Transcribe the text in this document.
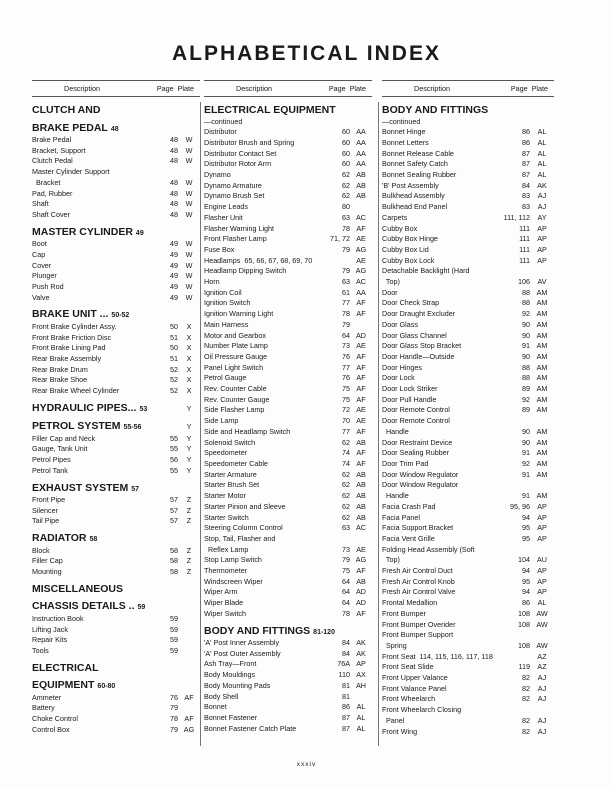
ALPHABETICAL INDEX
Description	Page Plate
CLUTCH AND
BRAKE PEDAL 48
Brake Pedal	48	W
Bracket, Support	48	W
Clutch Pedal	48	W
Master Cylinder Support
Bracket	48	W
Pad, Rubber	48	W
Shaft	48	W
Shaft Cover	48	W
MASTER CYLINDER 49
Boot	49	W
Cap	49	W
Cover	49	W
Plunger	49	W
Push Rod	49	W
Valve	49	W
BRAKE UNIT ... 50-52
Front Brake Cylinder Assy.	50	X
Front Brake Friction Disc	51	X
Front Brake Lining Pad	50	X
Rear Brake Assembly	51	X
Rear Brake Drum	52	X
Rear Brake Shoe	52	X
Rear Brake Wheel Cylinder	52	X
HYDRAULIC PIPES... 53	Y
PETROL SYSTEM 55-56	Y
Filler Cap and Neck	55	Y
Gauge, Tank Unit	55	Y
Petrol Pipes	56	Y
Petrol Tank	55	Y
EXHAUST SYSTEM 57
Front Pipe	57	Z
Silencer	57	Z
Tail Pipe	57	Z
RADIATOR 58
Block	58	Z
Filler Cap	58	Z
Mounting	58	Z
MISCELLANEOUS
CHASSIS DETAILS .. 59
Instruction Book	59
Lifting Jack	59
Repair Kits	59
Tools	59
ELECTRICAL
EQUIPMENT 60-80
Ammeter	76 AF
Battery	79
Choke Control	78 AF
Control Box	79 AG
Description	Page Plate
ELECTRICAL EQUIPMENT
—continued
Distributor	60 AA
Distributor Brush and Spring	60 AA
Distributor Contact Set	60 AA
Distributor Rotor Arm	60 AA
Dynamo	62 AB
Dynamo Armature	62 AB
Dynamo Brush Set	62 AB
Engine Leads	80
Flasher Unit	63 AC
Flasher Warning Light	78 AF
Front Flasher Lamp	71, 72 AE
Fuse Box	79 AG
Headlamps  65, 66, 67, 68, 69, 70	AE
Headlamp Dipping Switch	79 AG
Horn	63 AC
Ignition Coil	61 AA
Ignition Switch	77 AF
Ignition Warning Light	78 AF
Main Harness	79
Motor and Gearbox	64 AD
Number Plate Lamp	73 AE
Oil Pressure Gauge	76 AF
Panel Light Switch	77 AF
Petrol Gauge	76 AF
Rev. Counter Cable	75 AF
Rev. Counter Gauge	75 AF
Side Flasher Lamp	72 AE
Side Lamp	70 AE
Side and Headlamp Switch	77 AF
Solenoid Switch	62 AB
Speedometer	74 AF
Speedometer Cable	74 AF
Starter Armature	62 AB
Starter Brush Set	62 AB
Starter Motor	62 AB
Starter Pinion and Sleeve	62 AB
Starter Switch	62 AB
Steering Column Control	63 AC
Stop, Tail, Flasher and
Reflex Lamp	73 AE
Stop Lamp Switch	79 AG
Thermometer	75 AF
Windscreen Wiper	64 AB
Wiper Arm	64 AD
Wiper Blade	64 AD
Wiper Switch	78 AF
BODY AND FITTINGS 81-120
'A' Post Inner Assembly	84 AK
'A' Post Outer Assembly	84 AK
Ash Tray—Front	76A AP
Body Mouldings	110 AX
Body Mounting Pads	81 AH
Body Shell	81
Bonnet	86 AL
Bonnet Fastener	87 AL
Bonnet Fastener Catch Plate	87 AL
Description	Page Plate
BODY AND FITTINGS
—continued
Bonnet Hinge	86	AL
Bonnet Letters	86	AL
Bonnet Release Cable	87	AL
Bonnet Safety Catch	87	AL
Bonnet Sealing Rubber	87	AL
'B' Post Assembly	84	AK
Bulkhead Assembly	83	AJ
Bulkhead End Panel	83	AJ
Carpets	111, 112	AY
Cubby Box	111	AP
Cubby Box Hinge	111	AP
Cubby Box Lid	111	AP
Cubby Box Lock	111	AP
Detachable Backlight (Hard
Top)	106	AV
Door	88 AM
Door Check Strap	88 AM
Door Draught Excluder	92 AM
Door Glass	90 AM
Door Glass Channel	90 AM
Door Glass Stop Bracket	91 AM
Door Handle—Outside	90 AM
Door Hinges	88 AM
Door Lock	88 AM
Door Lock Striker	89 AM
Door Pull Handle	92 AM
Door Remote Control	89 AM
Door Remote Control
Handle	90 AM
Door Restraint Device	90 AM
Door Sealing Rubber	91 AM
Door Trim Pad	92 AM
Door Window Regulator	91 AM
Door Window Regulator
Handle	91 AM
Facia Crash Pad	95, 96	AP
Facia Panel	94	AP
Facia Support Bracket	95	AP
Facia Vent Grille	95	AP
Folding Head Assembly (Soft
Top)	104 AU
Fresh Air Control Duct	94	AP
Fresh Air Control Knob	95	AP
Fresh Air Control Valve	94	AP
Frontal Medallion	86	AL
Front Bumper	108 AW
Front Bumper Overider	108 AW
Front Bumper Support
Spring	108 AW
Front Seat  114, 115, 116, 117, 118	AZ
Front Seat Slide	119	AZ
Front Upper Valance	82	AJ
Front Valance Panel	82	AJ
Front Wheelarch	82	AJ
Front Wheelarch Closing
Panel	82	AJ
Front Wing	82	AJ
xxxiv
